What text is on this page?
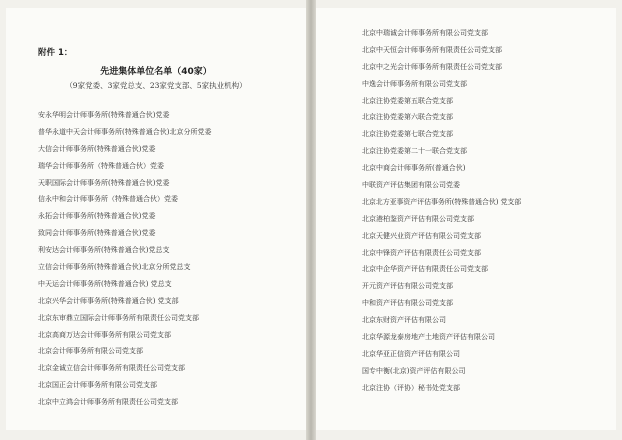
附件 1：
先进集体单位名单（40家）
（9家党委、3家党总支、23家党支部、5家执业机构）
安永华明会计师事务所(特殊普通合伙)党委
普华永道中天会计师事务所(特殊普通合伙)北京分所党委
大信会计师事务所(特殊普通合伙)党委
瑞华会计师事务所（特殊普通合伙）党委
天职国际会计师事务所(特殊普通合伙)党委
信永中和会计师事务所（特殊普通合伙）党委
永拓会计师事务所(特殊普通合伙)党委
致同会计师事务所(特殊普通合伙)党委
利安达会计师事务所(特殊普通合伙)党总支
立信会计师事务所(特殊普通合伙)北京分所党总支
中天运会计师事务所(特殊普通合伙) 党总支
北京兴华会计师事务所(特殊普通合伙) 党支部
北京东审鼎立国际会计师事务所有限责任公司党支部
北京高商万达会计师事务所有限公司党支部
北京会计师事务所有限公司党支部
北京金诚立信会计师事务所有限责任公司党支部
北京国正会计师事务所有限公司党支部
北京中立鸿会计师事务所有限责任公司党支部
北京中瑞诚会计师事务所有限公司党支部
北京中天恒会计师事务所有限责任公司党支部
北京中之光会计师事务所有限责任公司党支部
中逸会计师事务所有限公司党支部
北京注协党委第五联合党支部
北京注协党委第六联合党支部
北京注协党委第七联合党支部
北京注协党委第二十一联合党支部
北京中商会计师事务所(普通合伙)
中联资产评估集团有限公司党委
北京北方亚事资产评估事务所(特殊普通合伙) 党支部
北京港柏鉴资产评估有限公司党支部
北京天健兴业资产评估有限公司党支部
北京中锋资产评估有限责任公司党支部
北京中企华资产评估有限责任公司党支部
开元资产评估有限公司党支部
中和资产评估有限公司党支部
北京东财资产评估有限公司
北京华源龙泰房地产土地资产评估有限公司
北京华亚正信资产评估有限公司
国专中衡(北京)资产评估有限公司
北京注协（评协）秘书处党支部
